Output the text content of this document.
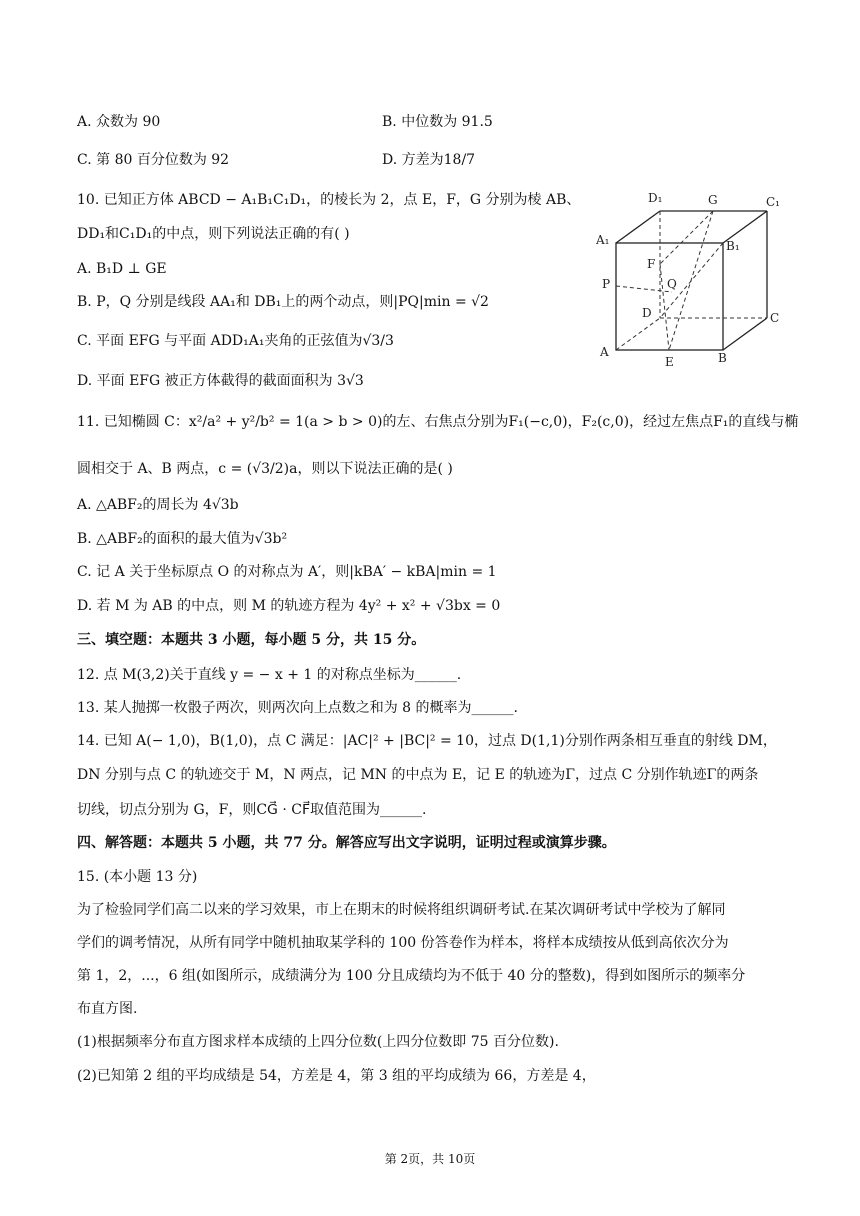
A. 众数为 90	B. 中位数为 91.5
C. 第 80 百分位数为 92	D. 方差为18/7
10. 已知正方体 ABCD − A₁B₁C₁D₁，的棱长为 2，点 E，F，G 分别为棱 AB、
DD₁和C₁D₁的中点，则下列说法正确的有( )
A. B₁D ⊥ GE
B. P，Q 分别是线段 AA₁和 DB₁上的两个动点，则|PQ|min = √2
C. 平面 EFG 与平面 ADD₁A₁夹角的正弦值为√3/3
D. 平面 EFG 被正方体截得的截面面积为 3√3
D₁	G	C₁
A₁	B₁
F
P	Q
D	C
A
E	B
11. 已知椭圆 C：x²/a² + y²/b² = 1(a > b > 0)的左、右焦点分别为F₁(−c,0)，F₂(c,0)，经过左焦点F₁的直线与椭
圆相交于 A、B 两点，c = (√3/2)a，则以下说法正确的是( )
A. △ABF₂的周长为 4√3b
B. △ABF₂的面积的最大值为√3b²
C. 记 A 关于坐标原点 O 的对称点为 A′，则|kBA′ − kBA|min = 1
D. 若 M 为 AB 的中点，则 M 的轨迹方程为 4y² + x² + √3bx = 0
三、填空题：本题共 3 小题，每小题 5 分，共 15 分。
12. 点 M(3,2)关于直线 y = − x + 1 的对称点坐标为______.
13. 某人抛掷一枚骰子两次，则两次向上点数之和为 8 的概率为______.
14. 已知 A(− 1,0)，B(1,0)，点 C 满足：|AC|² + |BC|² = 10，过点 D(1,1)分别作两条相互垂直的射线 DM，
DN 分别与点 C 的轨迹交于 M，N 两点，记 MN 的中点为 E，记 E 的轨迹为Γ，过点 C 分别作轨迹Γ的两条
切线，切点分别为 G，F，则CG⃗ · CF⃗取值范围为______.
四、解答题：本题共 5 小题，共 77 分。解答应写出文字说明，证明过程或演算步骤。
15. (本小题 13 分)
为了检验同学们高二以来的学习效果，市上在期末的时候将组织调研考试.在某次调研考试中学校为了解同
学们的调考情况，从所有同学中随机抽取某学科的 100 份答卷作为样本，将样本成绩按从低到高依次分为
第 1，2，...，6 组(如图所示，成绩满分为 100 分且成绩均为不低于 40 分的整数)，得到如图所示的频率分
布直方图.
(1)根据频率分布直方图求样本成绩的上四分位数(上四分位数即 75 百分位数).
(2)已知第 2 组的平均成绩是 54，方差是 4，第 3 组的平均成绩为 66，方差是 4，
第 2页，共 10页
